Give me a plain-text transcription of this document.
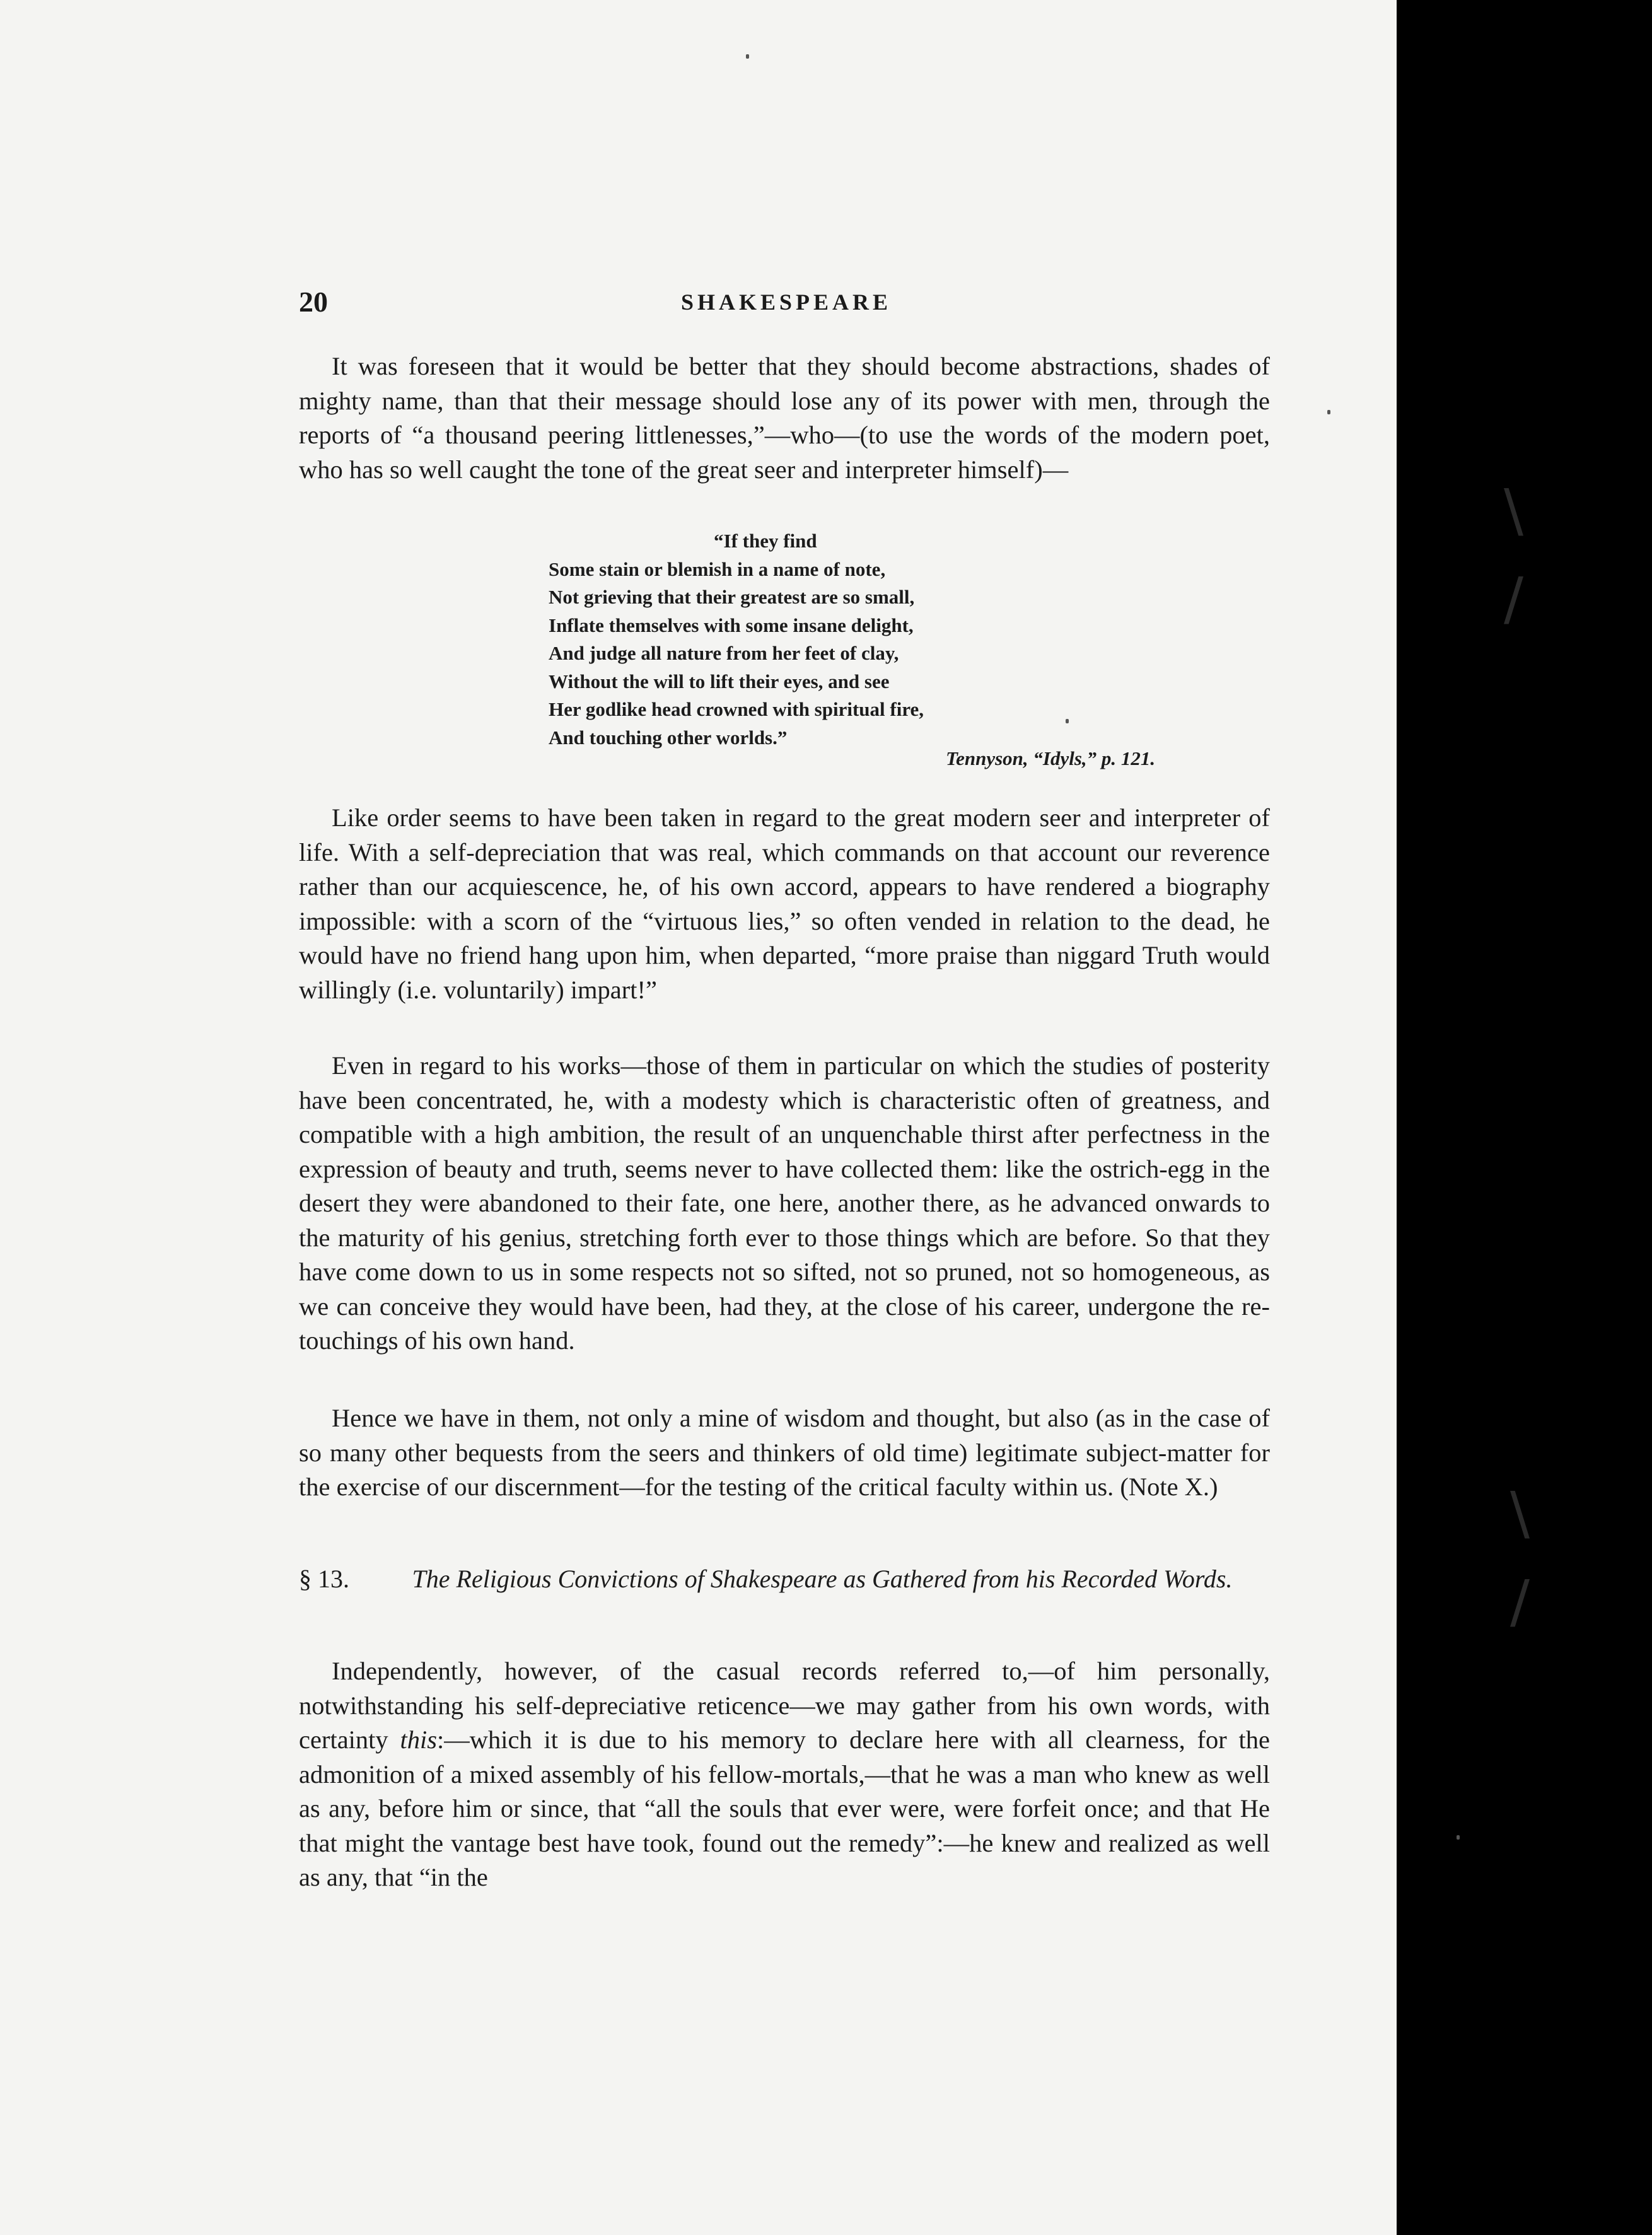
20	SHAKESPEARE

It was foreseen that it would be better that they should become abstractions, shades of mighty name, than that their message should lose any of its power with men, through the reports of “a thousand peering littlenesses,”—who—(to use the words of the modern poet, who has so well caught the tone of the great seer and interpreter himself)—

“If they find
Some stain or blemish in a name of note,
Not grieving that their greatest are so small,
Inflate themselves with some insane delight,
And judge all nature from her feet of clay,
Without the will to lift their eyes, and see
Her godlike head crowned with spiritual fire,
And touching other worlds.”
Tennyson, “Idyls,” p. 121.

Like order seems to have been taken in regard to the great modern seer and interpreter of life. With a self-depreciation that was real, which commands on that account our reverence rather than our acquiescence, he, of his own accord, appears to have rendered a biography impossible: with a scorn of the “virtuous lies,” so often vended in relation to the dead, he would have no friend hang upon him, when departed, “more praise than niggard Truth would willingly (i.e. voluntarily) impart!”

Even in regard to his works—those of them in particular on which the studies of posterity have been concentrated, he, with a modesty which is characteristic often of greatness, and compatible with a high ambition, the result of an unquenchable thirst after perfectness in the expression of beauty and truth, seems never to have collected them: like the ostrich-egg in the desert they were abandoned to their fate, one here, another there, as he advanced onwards to the maturity of his genius, stretching forth ever to those things which are before. So that they have come down to us in some respects not so sifted, not so pruned, not so homogeneous, as we can conceive they would have been, had they, at the close of his career, undergone the re-touchings of his own hand.

Hence we have in them, not only a mine of wisdom and thought, but also (as in the case of so many other bequests from the seers and thinkers of old time) legitimate subject-matter for the exercise of our discernment—for the testing of the critical faculty within us. (Note X.)

§ 13.	The Religious Convictions of Shakespeare as Gathered from his Recorded Words.

Independently, however, of the casual records referred to,—of him personally, notwithstanding his self-depreciative reticence—we may gather from his own words, with certainty this:—which it is due to his memory to declare here with all clearness, for the admonition of a mixed assembly of his fellow-mortals,—that he was a man who knew as well as any, before him or since, that “all the souls that ever were, were forfeit once; and that He that might the vantage best have took, found out the remedy”:—he knew and realized as well as any, that “in the

\
/
\
/
